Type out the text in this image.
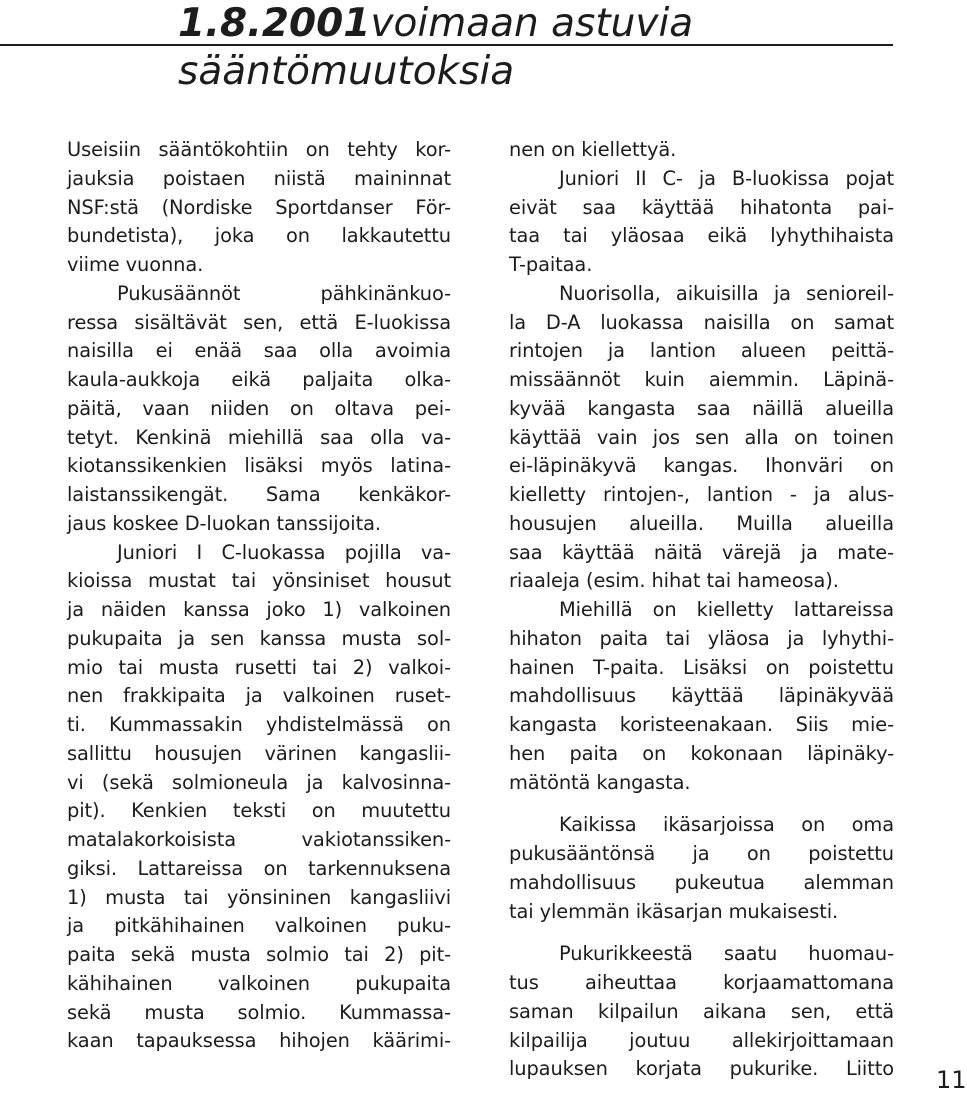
1.8.2001voimaan astuvia
sääntömuutoksia
Useisiin sääntökohtiin on tehty kor-
jauksia poistaen niistä maininnat
NSF:stä (Nordiske Sportdanser För-
bundetista), joka on lakkautettu
viime vuonna.
Pukusäännöt pähkinänkuo-
ressa sisältävät sen, että E-luokissa
naisilla ei enää saa olla avoimia
kaula-aukkoja eikä paljaita olka-
päitä, vaan niiden on oltava pei-
tetyt. Kenkinä miehillä saa olla va-
kiotanssikenkien lisäksi myös latina-
laistanssikengät. Sama kenkäkor-
jaus koskee D-luokan tanssijoita.
Juniori I C-luokassa pojilla va-
kioissa mustat tai yönsiniset housut
ja näiden kanssa joko 1) valkoinen
pukupaita ja sen kanssa musta sol-
mio tai musta rusetti tai 2) valkoi-
nen frakkipaita ja valkoinen ruset-
ti. Kummassakin yhdistelmässä on
sallittu housujen värinen kangaslii-
vi (sekä solmioneula ja kalvosinna-
pit). Kenkien teksti on muutettu
matalakorkoisista vakiotanssiken-
giksi. Lattareissa on tarkennuksena
1) musta tai yönsininen kangasliivi
ja pitkähihainen valkoinen puku-
paita sekä musta solmio tai 2) pit-
kähihainen valkoinen pukupaita
sekä musta solmio. Kummassa-
kaan tapauksessa hihojen käärimi-
nen on kiellettyä.
Juniori II C- ja B-luokissa pojat
eivät saa käyttää hihatonta pai-
taa tai yläosaa eikä lyhythihaista
T-paitaa.
Nuorisolla, aikuisilla ja senioreil-
la D-A luokassa naisilla on samat
rintojen ja lantion alueen peittä-
missäännöt kuin aiemmin. Läpinä-
kyvää kangasta saa näillä alueilla
käyttää vain jos sen alla on toinen
ei-läpinäkyvä kangas. Ihonväri on
kielletty rintojen-, lantion - ja alus-
housujen alueilla. Muilla alueilla
saa käyttää näitä värejä ja mate-
riaaleja (esim. hihat tai hameosa).
Miehillä on kielletty lattareissa
hihaton paita tai yläosa ja lyhythi-
hainen T-paita. Lisäksi on poistettu
mahdollisuus käyttää läpinäkyvää
kangasta koristeenakaan. Siis mie-
hen paita on kokonaan läpinäky-
mätöntä kangasta.
Kaikissa ikäsarjoissa on oma
pukusääntönsä ja on poistettu
mahdollisuus pukeutua alemman
tai ylemmän ikäsarjan mukaisesti.
Pukurikkeestä saatu huomau-
tus aiheuttaa korjaamattomana
saman kilpailun aikana sen, että
kilpailija joutuu allekirjoittamaan
lupauksen korjata pukurike. Liitto 11
